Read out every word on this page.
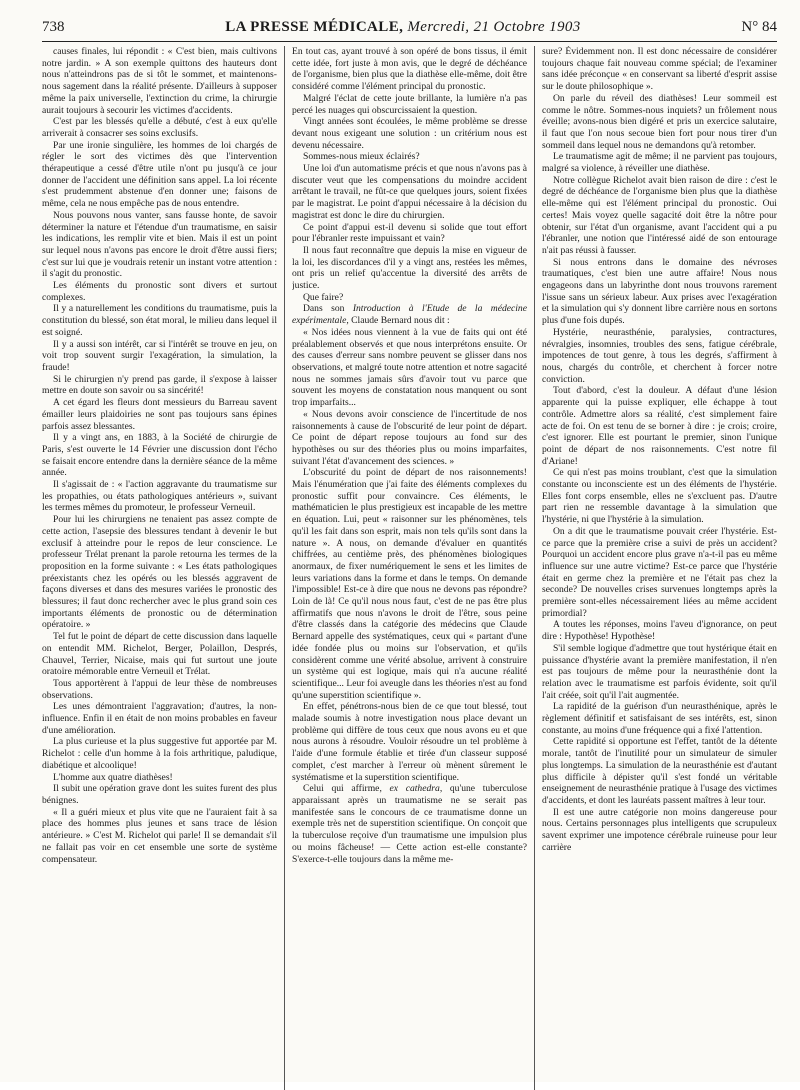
738	LA PRESSE MÉDICALE, Mercredi, 21 Octobre 1903	N° 84

causes finales, lui répondit : « C'est bien, mais cultivons notre jardin. » A son exemple quittons des hauteurs dont nous n'atteindrons pas de si tôt le sommet, et maintenons-nous sagement dans la réalité présente. D'ailleurs à supposer même la paix universelle, l'extinction du crime, la chirurgie aurait toujours à secourir les victimes d'accidents.

C'est par les blessés qu'elle a débuté, c'est à eux qu'elle arriverait à consacrer ses soins exclusifs.

Par une ironie singulière, les hommes de loi chargés de régler le sort des victimes dès que l'intervention thérapeutique a cessé d'être utile n'ont pu jusqu'à ce jour donner de l'accident une définition sans appel. La loi récente s'est prudemment abstenue d'en donner une; faisons de même, cela ne nous empêche pas de nous entendre.

Nous pouvons nous vanter, sans fausse honte, de savoir déterminer la nature et l'étendue d'un traumatisme, en saisir les indications, les remplir vite et bien. Mais il est un point sur lequel nous n'avons pas encore le droit d'être aussi fiers; c'est sur lui que je voudrais retenir un instant votre attention : il s'agit du pronostic.

Les éléments du pronostic sont divers et surtout complexes.

Il y a naturellement les conditions du traumatisme, puis la constitution du blessé, son état moral, le milieu dans lequel il est soigné.

Il y a aussi son intérêt, car si l'intérêt se trouve en jeu, on voit trop souvent surgir l'exagération, la simulation, la fraude!

Si le chirurgien n'y prend pas garde, il s'expose à laisser mettre en doute son savoir ou sa sincérité!

A cet égard les fleurs dont messieurs du Barreau savent émailler leurs plaidoiries ne sont pas toujours sans épines parfois assez blessantes.

Il y a vingt ans, en 1883, à la Société de chirurgie de Paris, s'est ouverte le 14 Février une discussion dont l'écho se faisait encore entendre dans la dernière séance de la même année.

Il s'agissait de : « l'action aggravante du traumatisme sur les propathies, ou états pathologiques antérieurs », suivant les termes mêmes du promoteur, le professeur Verneuil.

Pour lui les chirurgiens ne tenaient pas assez compte de cette action, l'asepsie des blessures tendant à devenir le but exclusif à atteindre pour le repos de leur conscience. Le professeur Trélat prenant la parole retourna les termes de la proposition en la forme suivante : « Les états pathologiques préexistants chez les opérés ou les blessés aggravent de façons diverses et dans des mesures variées le pronostic des blessures; il faut donc rechercher avec le plus grand soin ces importants éléments de pronostic ou de détermination opératoire. »

Tel fut le point de départ de cette discussion dans laquelle on entendit MM. Richelot, Berger, Polaillon, Després, Chauvel, Terrier, Nicaise, mais qui fut surtout une joute oratoire mémorable entre Verneuil et Trélat.

Tous apportèrent à l'appui de leur thèse de nombreuses observations.

Les unes démontraient l'aggravation; d'autres, la non-influence. Enfin il en était de non moins probables en faveur d'une amélioration.

La plus curieuse et la plus suggestive fut apportée par M. Richelot : celle d'un homme à la fois arthritique, paludique, diabétique et alcoolique!

L'homme aux quatre diathèses!

Il subit une opération grave dont les suites furent des plus bénignes.

« Il a guéri mieux et plus vite que ne l'auraient fait à sa place des hommes plus jeunes et sans trace de lésion antérieure. » C'est M. Richelot qui parle! Il se demandait s'il ne fallait pas voir en cet ensemble une sorte de système compensateur.

En tout cas, ayant trouvé à son opéré de bons tissus, il émit cette idée, fort juste à mon avis, que le degré de déchéance de l'organisme, bien plus que la diathèse elle-même, doit être considéré comme l'élément principal du pronostic.

Malgré l'éclat de cette joute brillante, la lumière n'a pas percé les nuages qui obscurcissaient la question.

Vingt années sont écoulées, le même problème se dresse devant nous exigeant une solution : un critérium nous est devenu nécessaire.

Sommes-nous mieux éclairés?

Une loi d'un automatisme précis et que nous n'avons pas à discuter veut que les compensations du moindre accident arrêtant le travail, ne fût-ce que quelques jours, soient fixées par le magistrat. Le point d'appui nécessaire à la décision du magistrat est donc le dire du chirurgien.

Ce point d'appui est-il devenu si solide que tout effort pour l'ébranler reste impuissant et vain?

Il nous faut reconnaître que depuis la mise en vigueur de la loi, les discordances d'il y a vingt ans, restées les mêmes, ont pris un relief qu'accentue la diversité des arrêts de justice.

Que faire?

Dans son Introduction à l'Etude de la médecine expérimentale, Claude Bernard nous dit :

« Nos idées nous viennent à la vue de faits qui ont été préalablement observés et que nous interprétons ensuite. Or des causes d'erreur sans nombre peuvent se glisser dans nos observations, et malgré toute notre attention et notre sagacité nous ne sommes jamais sûrs d'avoir tout vu parce que souvent les moyens de constatation nous manquent ou sont trop imparfaits...

« Nous devons avoir conscience de l'incertitude de nos raisonnements à cause de l'obscurité de leur point de départ. Ce point de départ repose toujours au fond sur des hypothèses ou sur des théories plus ou moins imparfaites, suivant l'état d'avancement des sciences. »

L'obscurité du point de départ de nos raisonnements! Mais l'énumération que j'ai faite des éléments complexes du pronostic suffit pour convaincre. Ces éléments, le mathématicien le plus prestigieux est incapable de les mettre en équation. Lui, peut « raisonner sur les phénomènes, tels qu'il les fait dans son esprit, mais non tels qu'ils sont dans la nature ». A nous, on demande d'évaluer en quantités chiffrées, au centième près, des phénomènes biologiques anormaux, de fixer numériquement le sens et les limites de leurs variations dans la forme et dans le temps. On demande l'impossible! Est-ce à dire que nous ne devons pas répondre? Loin de là! Ce qu'il nous nous faut, c'est de ne pas être plus affirmatifs que nous n'avons le droit de l'être, sous peine d'être classés dans la catégorie des médecins que Claude Bernard appelle des systématiques, ceux qui « partant d'une idée fondée plus ou moins sur l'observation, et qu'ils considèrent comme une vérité absolue, arrivent à construire un système qui est logique, mais qui n'a aucune réalité scientifique... Leur foi aveugle dans les théories n'est au fond qu'une superstition scientifique ».

En effet, pénétrons-nous bien de ce que tout blessé, tout malade soumis à notre investigation nous place devant un problème qui diffère de tous ceux que nous avons eu et que nous aurons à résoudre. Vouloir résoudre un tel problème à l'aide d'une formule établie et tirée d'un classeur supposé complet, c'est marcher à l'erreur où mènent sûrement le systématisme et la superstition scientifique.

Celui qui affirme, ex cathedra, qu'une tuberculose apparaissant après un traumatisme ne se serait pas manifestée sans le concours de ce traumatisme donne un exemple très net de superstition scientifique. On conçoit que la tuberculose reçoive d'un traumatisme une impulsion plus ou moins fâcheuse! — Cette action est-elle constante? S'exerce-t-elle toujours dans la même me-

sure? Évidemment non. Il est donc nécessaire de considérer toujours chaque fait nouveau comme spécial; de l'examiner sans idée préconçue « en conservant sa liberté d'esprit assise sur le doute philosophique ».

On parle du réveil des diathèses! Leur sommeil est comme le nôtre. Sommes-nous inquiets? un frôlement nous éveille; avons-nous bien digéré et pris un exercice salutaire, il faut que l'on nous secoue bien fort pour nous tirer d'un sommeil dans lequel nous ne demandons qu'à retomber.

Le traumatisme agit de même; il ne parvient pas toujours, malgré sa violence, à réveiller une diathèse.

Notre collègue Richelot avait bien raison de dire : c'est le degré de déchéance de l'organisme bien plus que la diathèse elle-même qui est l'élément principal du pronostic. Oui certes! Mais voyez quelle sagacité doit être la nôtre pour obtenir, sur l'état d'un organisme, avant l'accident qui a pu l'ébranler, une notion que l'intéressé aidé de son entourage n'ait pas réussi à fausser.

Si nous entrons dans le domaine des névroses traumatiques, c'est bien une autre affaire! Nous nous engageons dans un labyrinthe dont nous trouvons rarement l'issue sans un sérieux labeur. Aux prises avec l'exagération et la simulation qui s'y donnent libre carrière nous en sortons plus d'une fois dupés.

Hystérie, neurasthénie, paralysies, contractures, névralgies, insomnies, troubles des sens, fatigue cérébrale, impotences de tout genre, à tous les degrés, s'affirment à nous, chargés du contrôle, et cherchent à forcer notre conviction.

Tout d'abord, c'est la douleur. A défaut d'une lésion apparente qui la puisse expliquer, elle échappe à tout contrôle. Admettre alors sa réalité, c'est simplement faire acte de foi. On est tenu de se borner à dire : je crois; croire, c'est ignorer. Elle est pourtant le premier, sinon l'unique point de départ de nos raisonnements. C'est notre fil d'Ariane!

Ce qui n'est pas moins troublant, c'est que la simulation constante ou inconsciente est un des éléments de l'hystérie. Elles font corps ensemble, elles ne s'excluent pas. D'autre part rien ne ressemble davantage à la simulation que l'hystérie, ni que l'hystérie à la simulation.

On a dit que le traumatisme pouvait créer l'hystérie. Est-ce parce que la première crise a suivi de près un accident? Pourquoi un accident encore plus grave n'a-t-il pas eu même influence sur une autre victime? Est-ce parce que l'hystérie était en germe chez la première et ne l'était pas chez la seconde? De nouvelles crises survenues longtemps après la première sont-elles nécessairement liées au même accident primordial?

A toutes les réponses, moins l'aveu d'ignorance, on peut dire : Hypothèse! Hypothèse!

S'il semble logique d'admettre que tout hystérique était en puissance d'hystérie avant la première manifestation, il n'en est pas toujours de même pour la neurasthénie dont la relation avec le traumatisme est parfois évidente, soit qu'il l'ait créée, soit qu'il l'ait augmentée.

La rapidité de la guérison d'un neurasthénique, après le règlement définitif et satisfaisant de ses intérêts, est, sinon constante, au moins d'une fréquence qui a fixé l'attention.

Cette rapidité si opportune est l'effet, tantôt de la détente morale, tantôt de l'inutilité pour un simulateur de simuler plus longtemps. La simulation de la neurasthénie est d'autant plus difficile à dépister qu'il s'est fondé un véritable enseignement de neurasthénie pratique à l'usage des victimes d'accidents, et dont les lauréats passent maîtres à leur tour.

Il est une autre catégorie non moins dangereuse pour nous. Certains personnages plus intelligents que scrupuleux savent exprimer une impotence cérébrale ruineuse pour leur carrière
